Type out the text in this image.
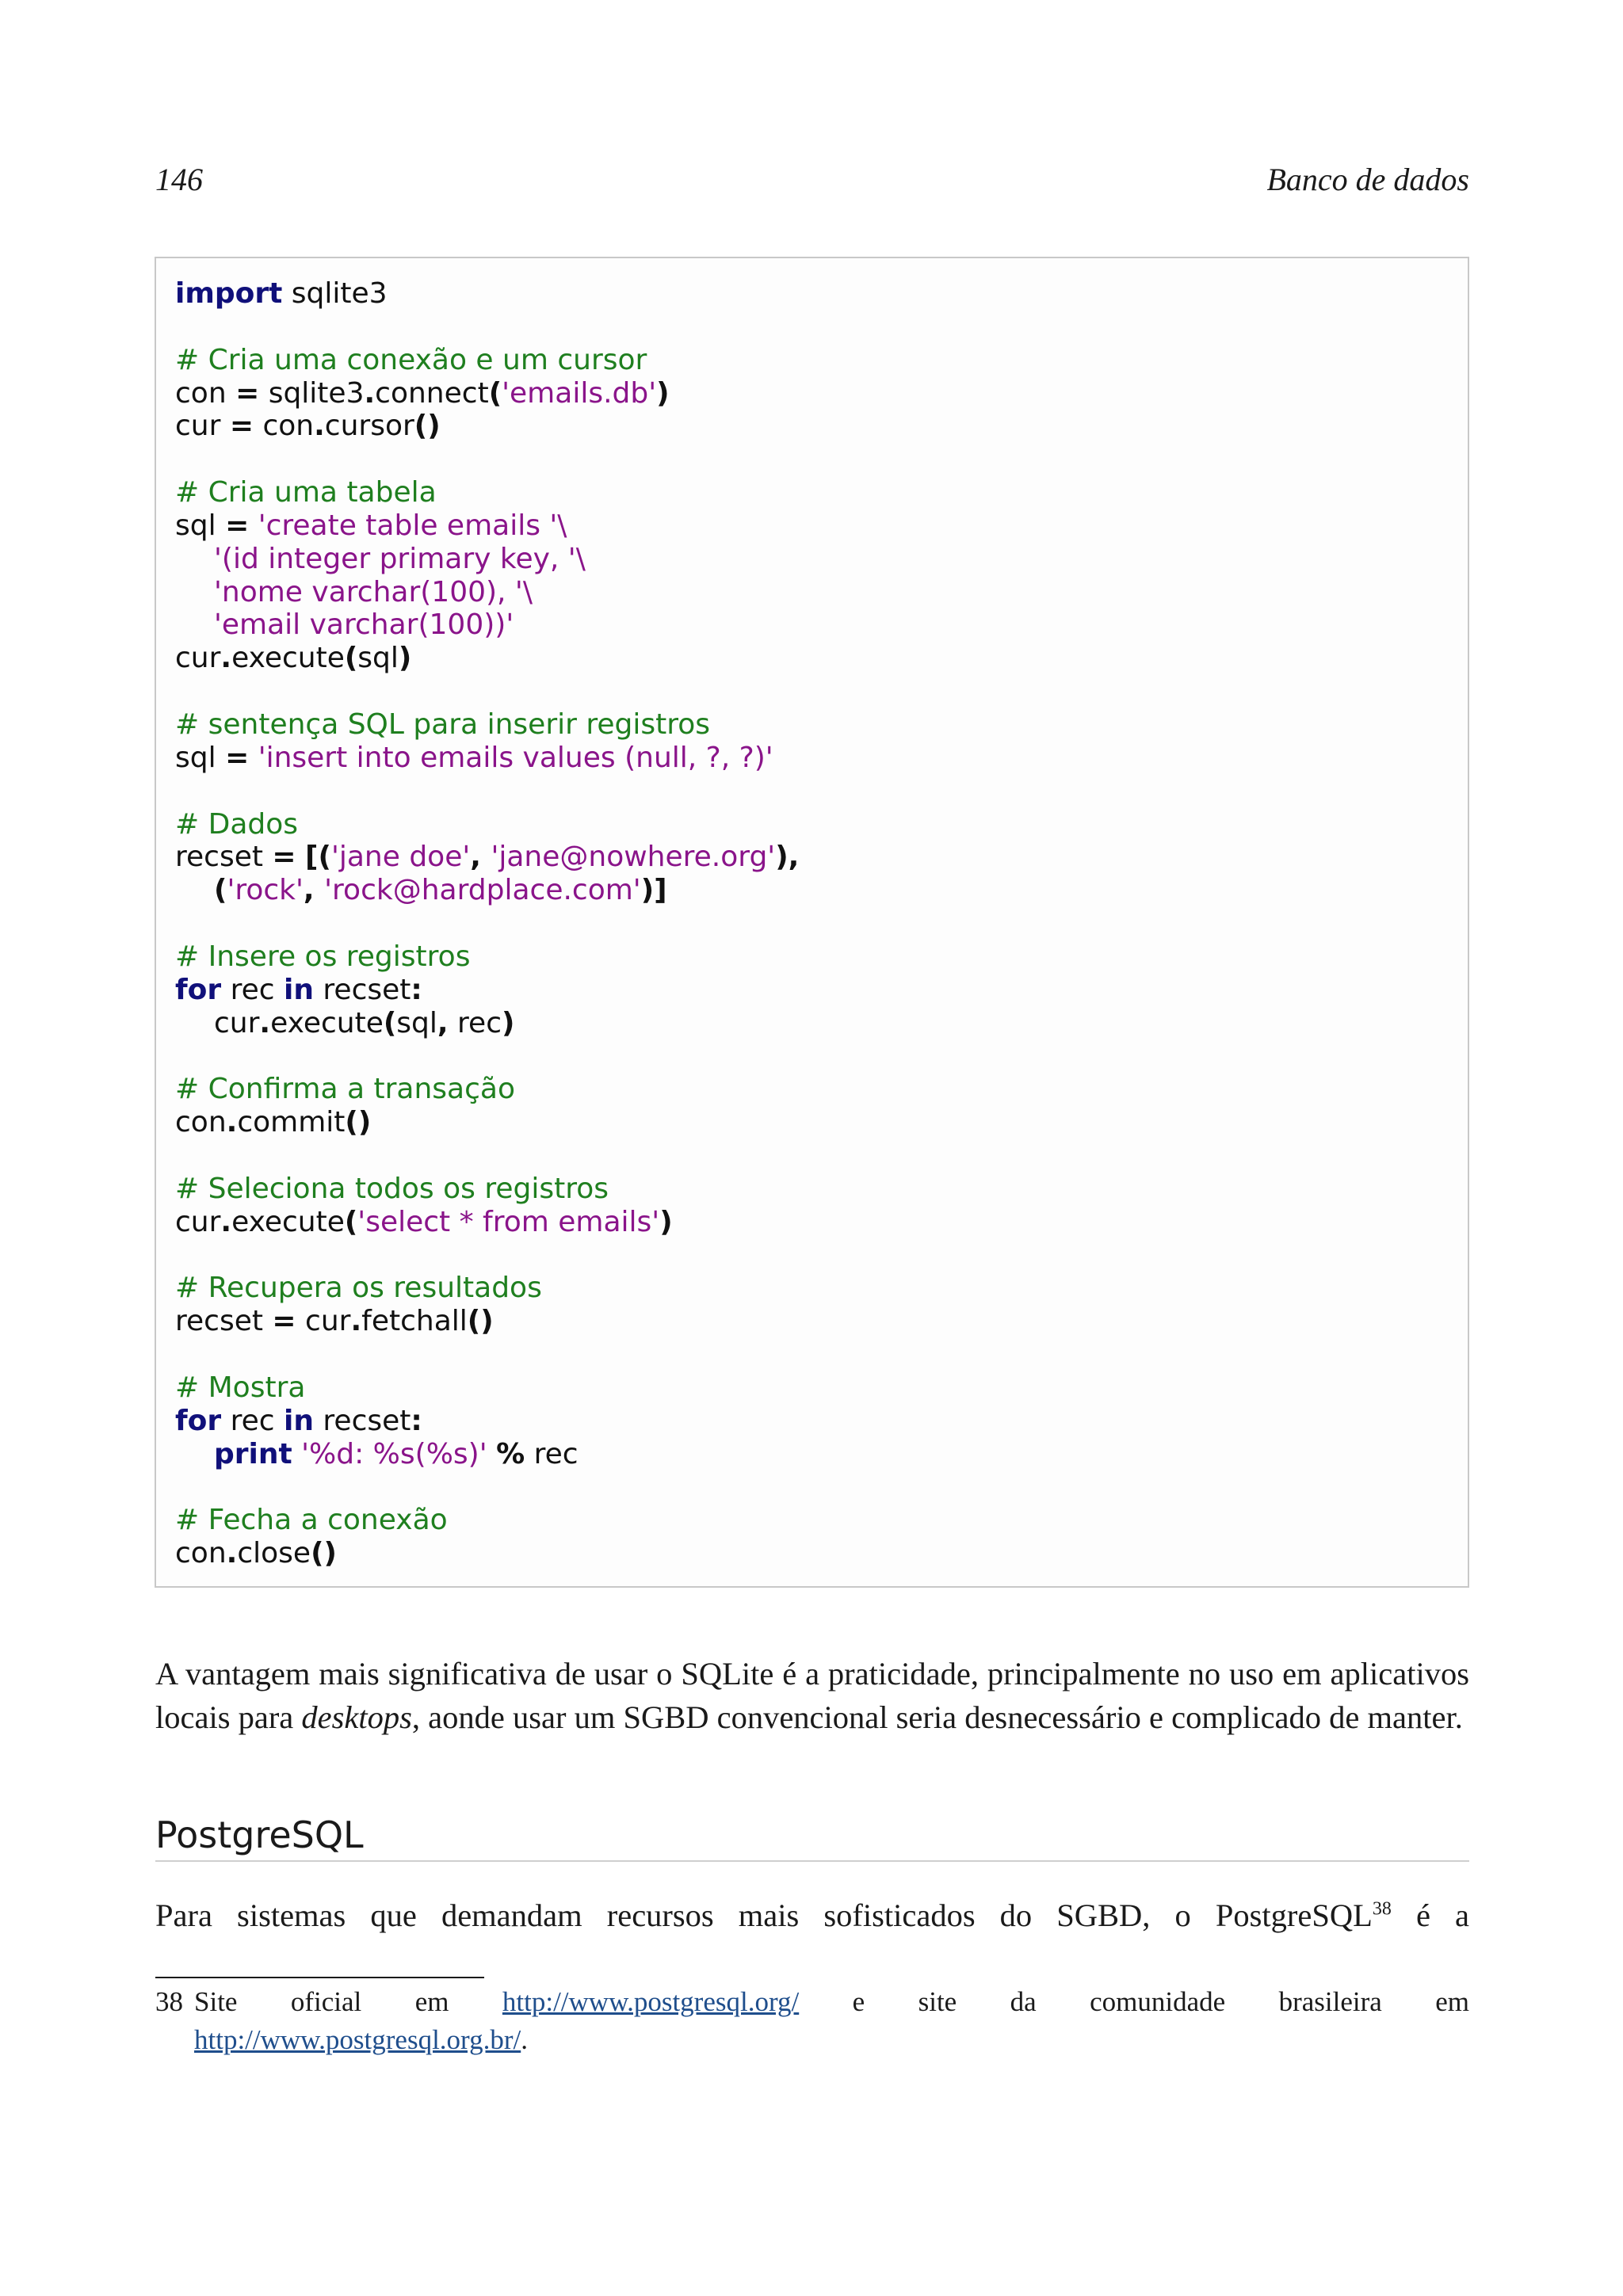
146	Banco de dados
import sqlite3

# Cria uma conexão e um cursor
con = sqlite3.connect('emails.db')
cur = con.cursor()

# Cria uma tabela
sql = 'create table emails '\
'(id integer primary key, '\
'nome varchar(100), '\
'email varchar(100))'
cur.execute(sql)

# sentença SQL para inserir registros
sql = 'insert into emails values (null, ?, ?)'

# Dados
recset = [('jane doe', 'jane@nowhere.org'),
('rock', 'rock@hardplace.com')]

# Insere os registros
for rec in recset:
cur.execute(sql, rec)

# Confirma a transação
con.commit()

# Seleciona todos os registros
cur.execute('select * from emails')

# Recupera os resultados
recset = cur.fetchall()

# Mostra
for rec in recset:
print '%d: %s(%s)' % rec

# Fecha a conexão
con.close()

A vantagem mais significativa de usar o SQLite é a praticidade, principalmente no uso em aplicativos locais para desktops, aonde usar um SGBD convencional seria desnecessário e complicado de manter.

PostgreSQL

Para sistemas que demandam recursos mais sofisticados do SGBD, o PostgreSQL$^{38}$ é a

38 Site oficial em http://www.postgresql.org/ e site da comunidade brasileira em
http://www.postgresql.org.br/.
